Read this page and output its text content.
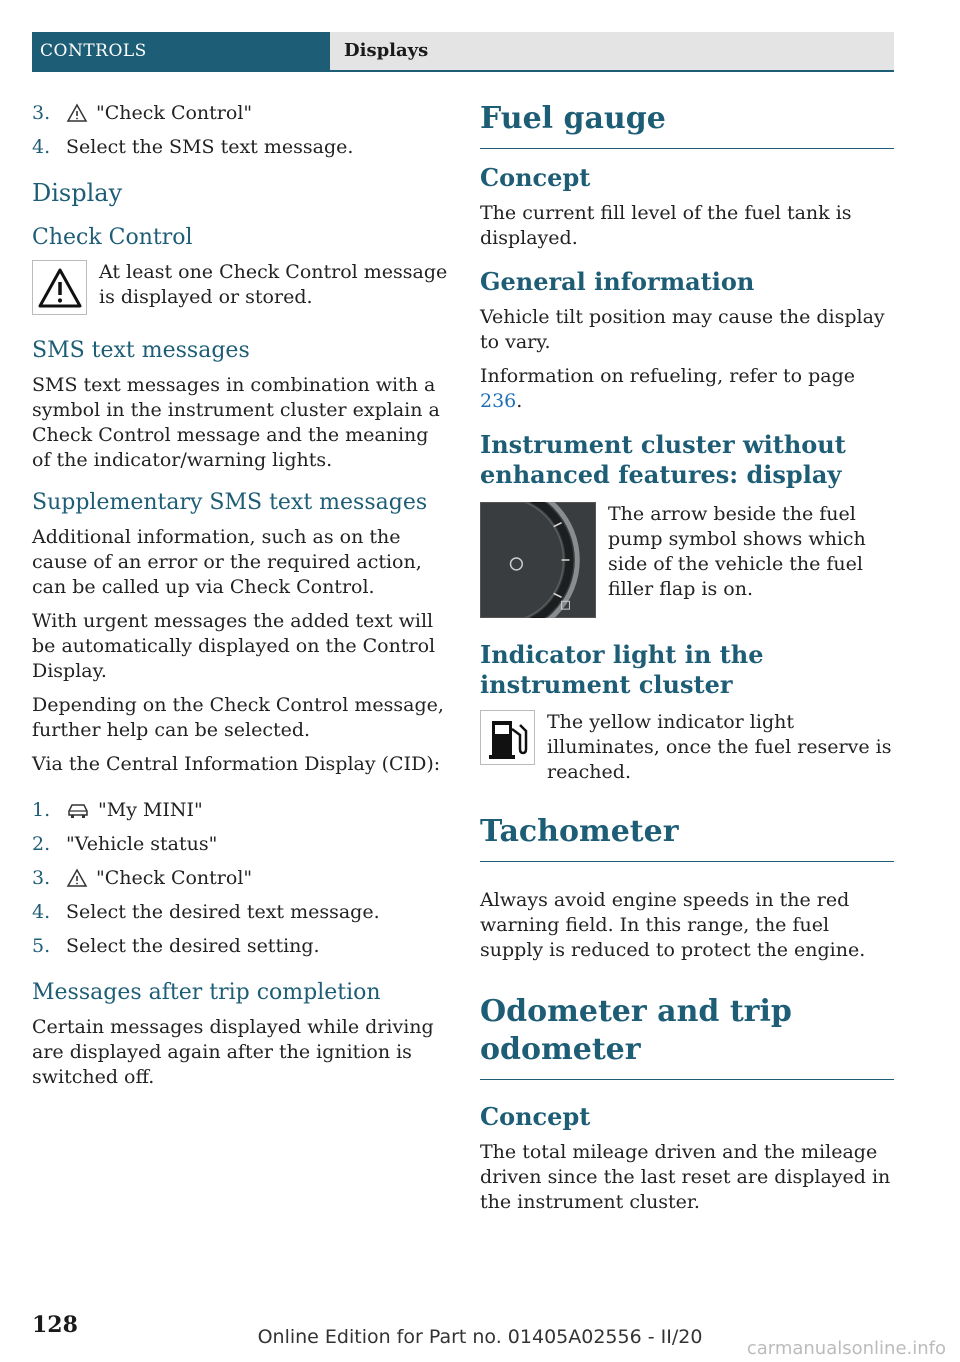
CONTROLS	Displays
3. "Check Control"
4. Select the SMS text message.
Display
Check Control
At least one Check Control message is displayed or stored.
SMS text messages

SMS text messages in combination with a symbol in the instrument cluster explain a Check Control message and the meaning of the indicator/warning lights.

Supplementary SMS text messages

Additional information, such as on the cause of an error or the required action, can be called up via Check Control.

With urgent messages the added text will be automatically displayed on the Control Display.

Depending on the Check Control message, further help can be selected.

Via the Central Information Display (CID):

1.	"My MINI"
2. "Vehicle status"
3. "Check Control"
4. Select the desired text message.
5. Select the desired setting.
Messages after trip completion

Certain messages displayed while driving are displayed again after the ignition is switched off.

Fuel gauge
Concept

The current fill level of the fuel tank is displayed.

General information

Vehicle tilt position may cause the display to vary.

Information on refueling, refer to page 236.

Instrument cluster without enhanced features: display
The arrow beside the fuel pump symbol shows which side of the vehicle the fuel filler flap is on.
Indicator light in the instrument cluster
The yellow indicator light illuminates, once the fuel reserve is reached.
Tachometer

Always avoid engine speeds in the red warning field. In this range, the fuel supply is reduced to protect the engine.

Odometer and trip odometer
Concept

The total mileage driven and the mileage driven since the last reset are displayed in the instrument cluster.

128	Online Edition for Part no. 01405A02556 - II/20
carmanualsonline.info
